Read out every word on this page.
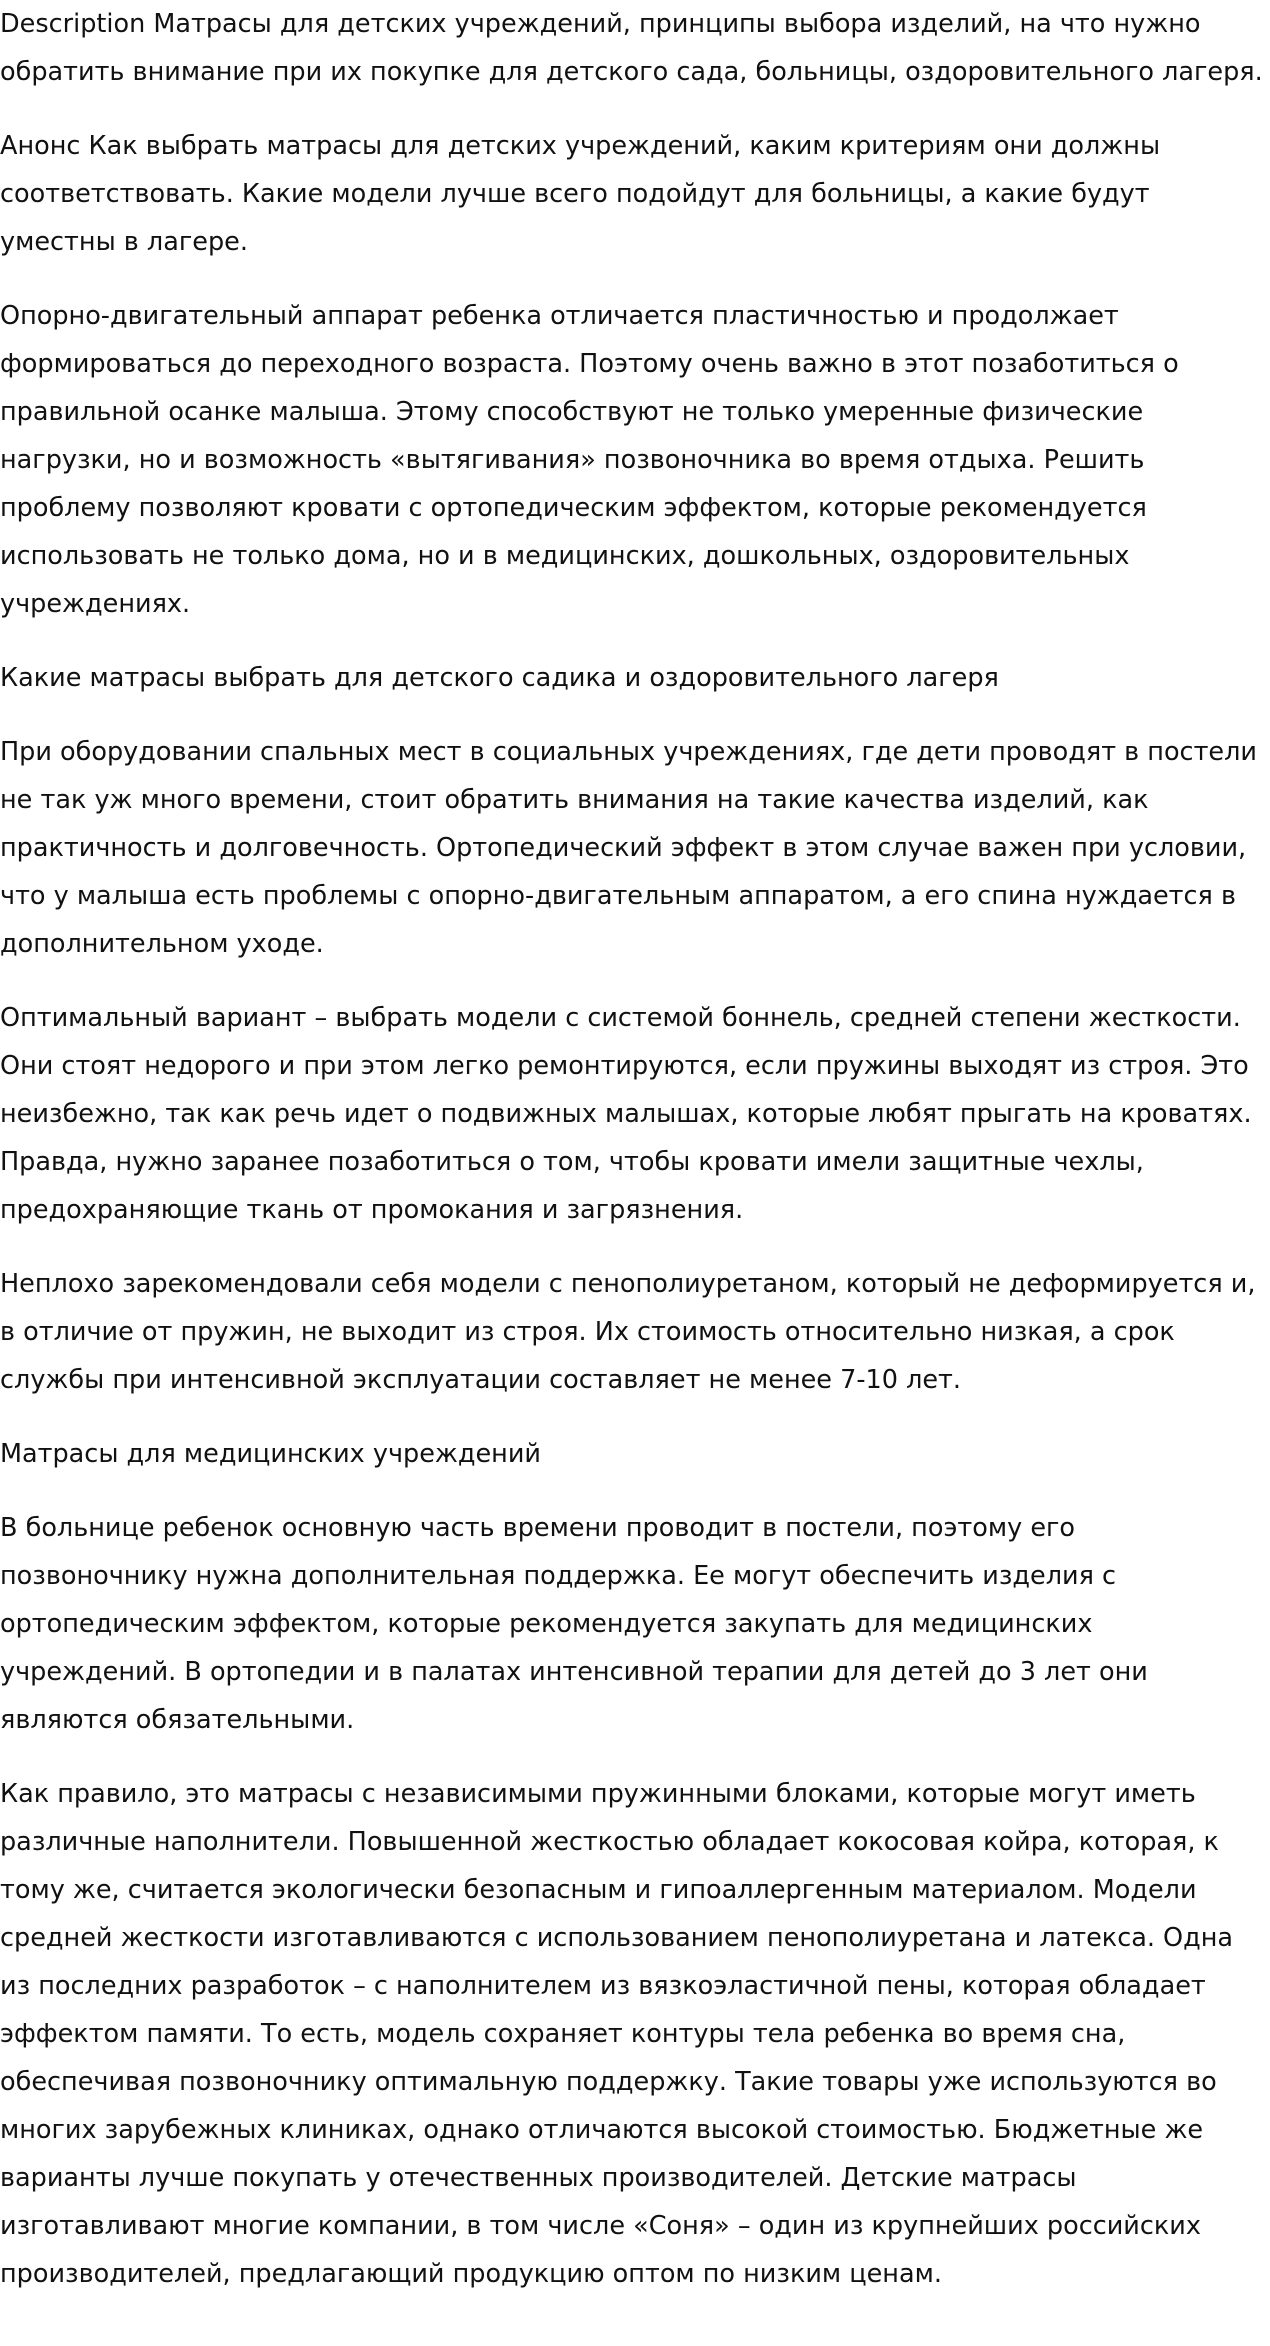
Description Матрасы для детских учреждений, принципы выбора изделий, на что нужно обратить внимание при их покупке для детского сада, больницы, оздоровительного лагеря.

Анонс Как выбрать матрасы для детских учреждений, каким критериям они должны соответствовать. Какие модели лучше всего подойдут для больницы, а какие будут уместны в лагере.

Опорно-двигательный аппарат ребенка отличается пластичностью и продолжает формироваться до переходного возраста. Поэтому очень важно в этот позаботиться о правильной осанке малыша. Этому способствуют не только умеренные физические нагрузки, но и возможность «вытягивания» позвоночника во время отдыха. Решить проблему позволяют кровати с ортопедическим эффектом, которые рекомендуется использовать не только дома, но и в медицинских, дошкольных, оздоровительных учреждениях.

Какие матрасы выбрать для детского садика и оздоровительного лагеря

При оборудовании спальных мест в социальных учреждениях, где дети проводят в постели не так уж много времени, стоит обратить внимания на такие качества изделий, как практичность и долговечность. Ортопедический эффект в этом случае важен при условии, что у малыша есть проблемы с опорно-двигательным аппаратом, а его спина нуждается в дополнительном уходе.

Оптимальный вариант – выбрать модели с системой боннель, средней степени жесткости. Они стоят недорого и при этом легко ремонтируются, если пружины выходят из строя. Это неизбежно, так как речь идет о подвижных малышах, которые любят прыгать на кроватях. Правда, нужно заранее позаботиться о том, чтобы кровати имели защитные чехлы, предохраняющие ткань от промокания и загрязнения.

Неплохо зарекомендовали себя модели с пенополиуретаном, который не деформируется и, в отличие от пружин, не выходит из строя. Их стоимость относительно низкая, а срок службы при интенсивной эксплуатации составляет не менее 7-10 лет.

Матрасы для медицинских учреждений

В больнице ребенок основную часть времени проводит в постели, поэтому его позвоночнику нужна дополнительная поддержка. Ее могут обеспечить изделия с ортопедическим эффектом, которые рекомендуется закупать для медицинских учреждений. В ортопедии и в палатах интенсивной терапии для детей до 3 лет они являются обязательными.

Как правило, это матрасы с независимыми пружинными блоками, которые могут иметь различные наполнители. Повышенной жесткостью обладает кокосовая койра, которая, к тому же, считается экологически безопасным и гипоаллергенным материалом. Модели средней жесткости изготавливаются с использованием пенополиуретана и латекса. Одна из последних разработок – с наполнителем из вязкоэластичной пены, которая обладает эффектом памяти. То есть, модель сохраняет контуры тела ребенка во время сна, обеспечивая позвоночнику оптимальную поддержку. Такие товары уже используются во многих зарубежных клиниках, однако отличаются высокой стоимостью. Бюджетные же варианты лучше покупать у отечественных производителей. Детские матрасы изготавливают многие компании, в том числе «Соня» – один из крупнейших российских производителей, предлагающий продукцию оптом по низким ценам.
